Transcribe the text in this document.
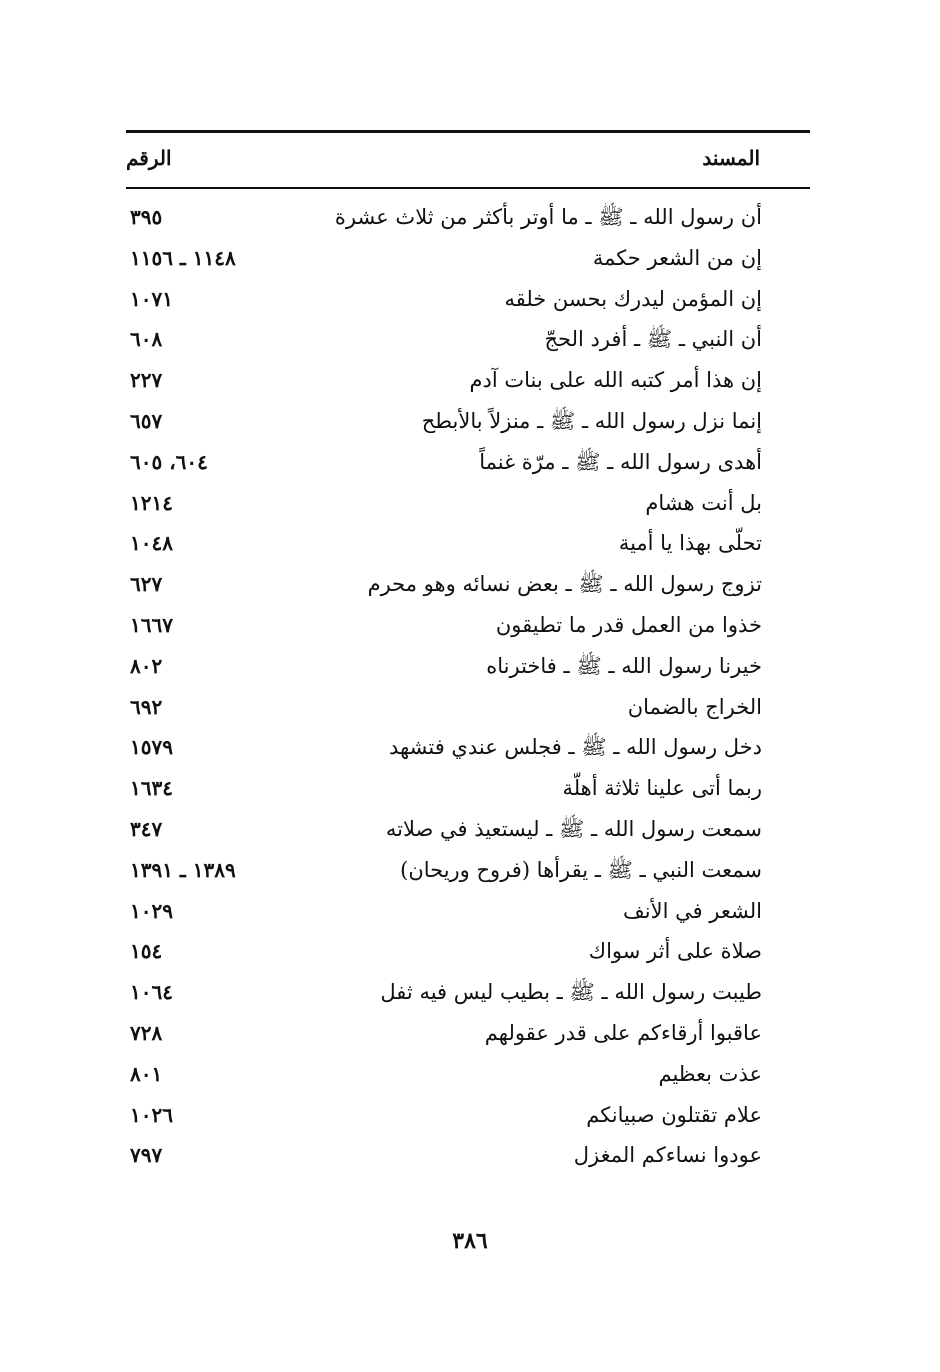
المسند
الرقم
أن رسول الله ـ ﷺ ـ ما أوتر بأكثر من ثلاث عشرة
٣٩٥
إن من الشعر حكمة
١١٤٨ ـ ١١٥٦
إن المؤمن ليدرك بحسن خلقه
١٠٧١
أن النبي ـ ﷺ ـ أفرد الحجّ
٦٠٨
إن هذا أمر كتبه الله على بنات آدم
٢٢٧
إنما نزل رسول الله ـ ﷺ ـ منزلاً بالأبطح
٦٥٧
أهدى رسول الله ـ ﷺ ـ مرّة غنماً
٦٠٤، ٦٠٥
بل أنت هشام
١٢١٤
تحلّى بهذا يا أمية
١٠٤٨
تزوج رسول الله ـ ﷺ ـ بعض نسائه وهو محرم
٦٢٧
خذوا من العمل قدر ما تطيقون
١٦٦٧
خيرنا رسول الله ـ ﷺ ـ فاخترناه
٨٠٢
الخراج بالضمان
٦٩٢
دخل رسول الله ـ ﷺ ـ فجلس عندي فتشهد
١٥٧٩
ربما أتى علينا ثلاثة أهلّة
١٦٣٤
سمعت رسول الله ـ ﷺ ـ ليستعيذ في صلاته
٣٤٧
سمعت النبي ـ ﷺ ـ يقرأها (فروح وريحان)
١٣٨٩ ـ ١٣٩١
الشعر في الأنف
١٠٢٩
صلاة على أثر سواك
١٥٤
طيبت رسول الله ـ ﷺ ـ بطيب ليس فيه ثفل
١٠٦٤
عاقبوا أرقاءكم على قدر عقولهم
٧٢٨
عذت بعظيم
٨٠١
علام تقتلون صبيانكم
١٠٢٦
عودوا نساءكم المغزل
٧٩٧
٣٨٦
